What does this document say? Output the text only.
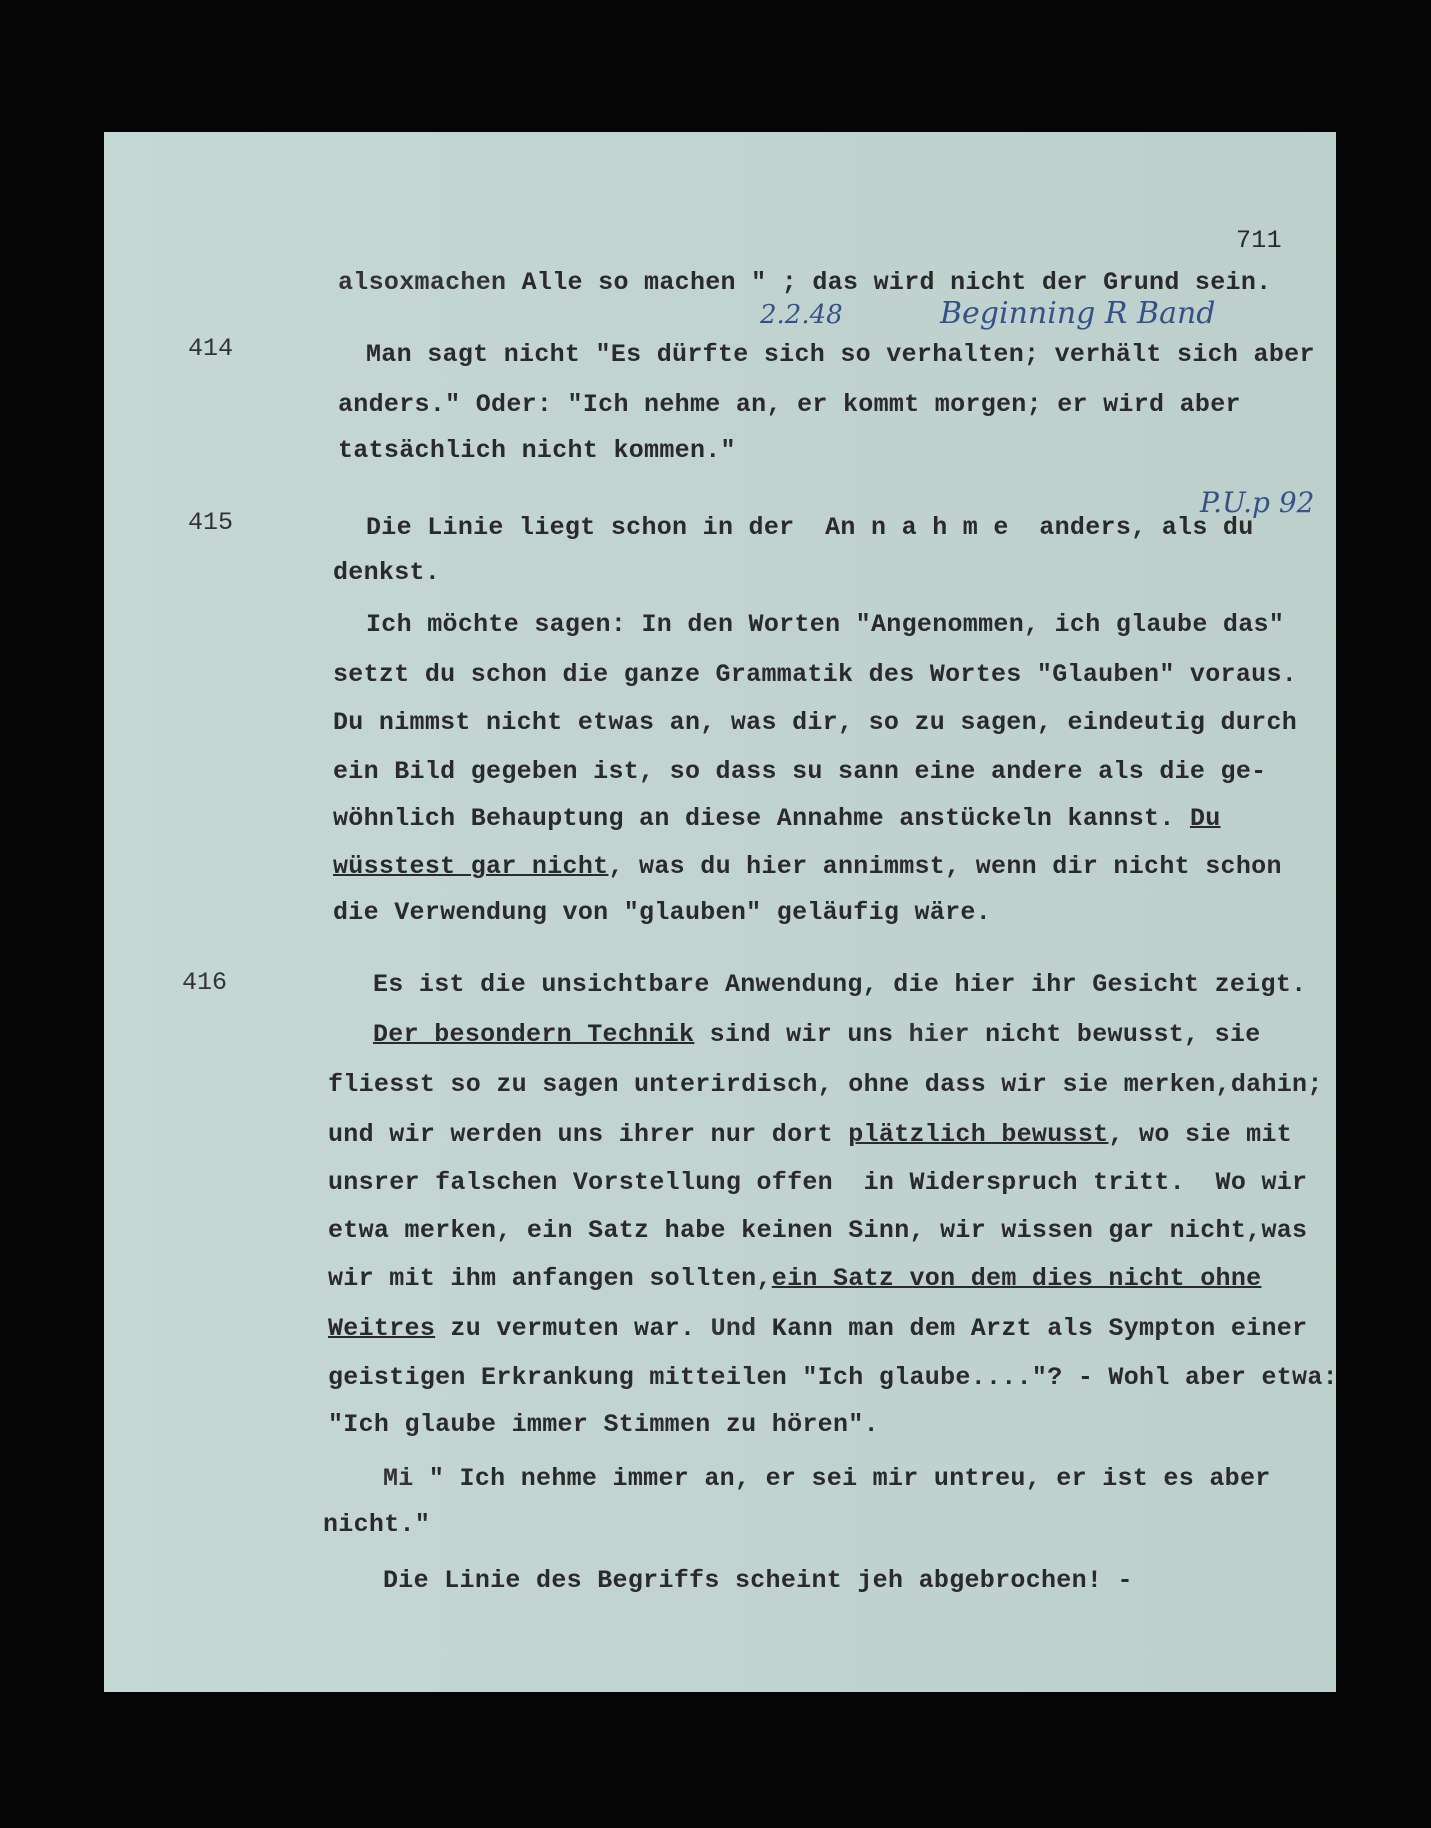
711
alsoxmachen Alle so machen " ; das wird nicht der Grund sein.
2.2.48	Beginning R Band
414	Man sagt nicht "Es dürfte sich so verhalten; verhält sich aber
anders." Oder: "Ich nehme an, er kommt morgen; er wird aber
tatsächlich nicht kommen."
415
P.U.p 92
Die Linie liegt schon in der  An n a h m e  anders, als du
denkst.
Ich möchte sagen: In den Worten "Angenommen, ich glaube das"
setzt du schon die ganze Grammatik des Wortes "Glauben" voraus.
Du nimmst nicht etwas an, was dir, so zu sagen, eindeutig durch
ein Bild gegeben ist, so dass su sann eine andere als die ge-
wöhnlich Behauptung an diese Annahme anstückeln kannst. Du
wüsstest gar nicht, was du hier annimmst, wenn dir nicht schon
die Verwendung von "glauben" geläufig wäre.
416	Es ist die unsichtbare Anwendung, die hier ihr Gesicht zeigt.
Der besondern Technik sind wir uns hier nicht bewusst, sie
fliesst so zu sagen unterirdisch, ohne dass wir sie merken,dahin;
und wir werden uns ihrer nur dort plätzlich bewusst, wo sie mit
unsrer falschen Vorstellung offen  in Widerspruch tritt.  Wo wir
etwa merken, ein Satz habe keinen Sinn, wir wissen gar nicht,was
wir mit ihm anfangen sollten,ein Satz von dem dies nicht ohne
Weitres zu vermuten war. Und Kann man dem Arzt als Sympton einer
geistigen Erkrankung mitteilen "Ich glaube...."? - Wohl aber etwa:
"Ich glaube immer Stimmen zu hören".
Mi " Ich nehme immer an, er sei mir untreu, er ist es aber
nicht."
Die Linie des Begriffs scheint jeh abgebrochen! -
